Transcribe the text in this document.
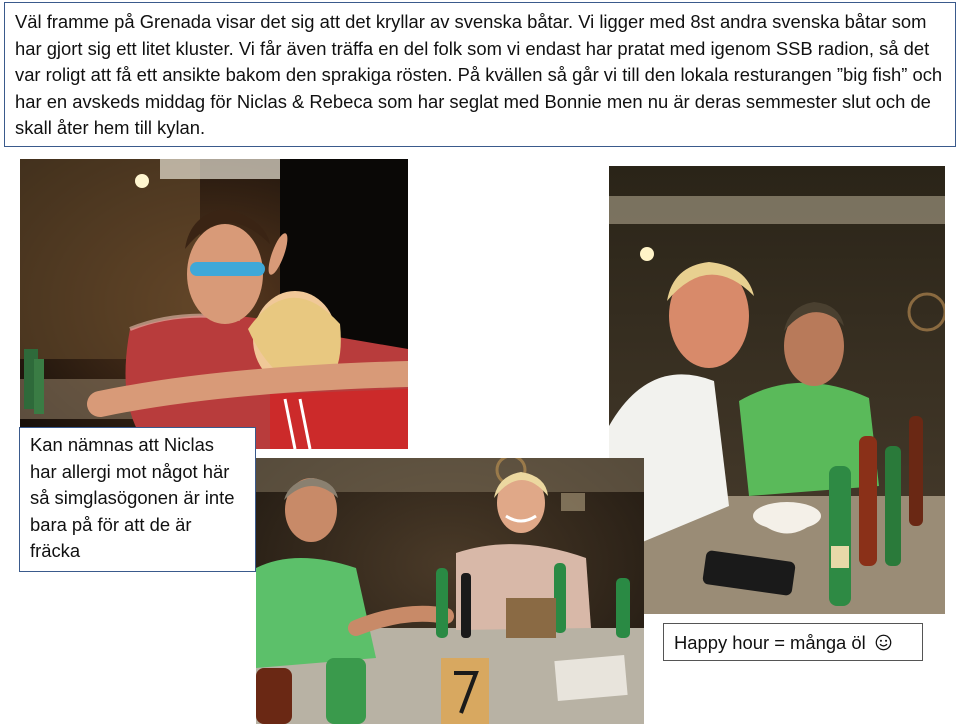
Väl framme på Grenada visar det sig att det kryllar av svenska båtar. Vi ligger med 8st andra svenska båtar som har gjort sig ett litet kluster. Vi får även träffa en del folk som vi endast har pratat med igenom SSB radion, så det var roligt att få ett ansikte bakom den sprakiga rösten. På kvällen så går vi till den lokala resturangen ”big fish” och har en avskeds middag för Niclas & Rebeca som har seglat med Bonnie men nu är deras semmester slut och de skall åter hem till kylan.
Kan nämnas att Niclas har allergi mot något här så simglasögonen är inte bara på för att de är fräcka
Happy hour = många öl
